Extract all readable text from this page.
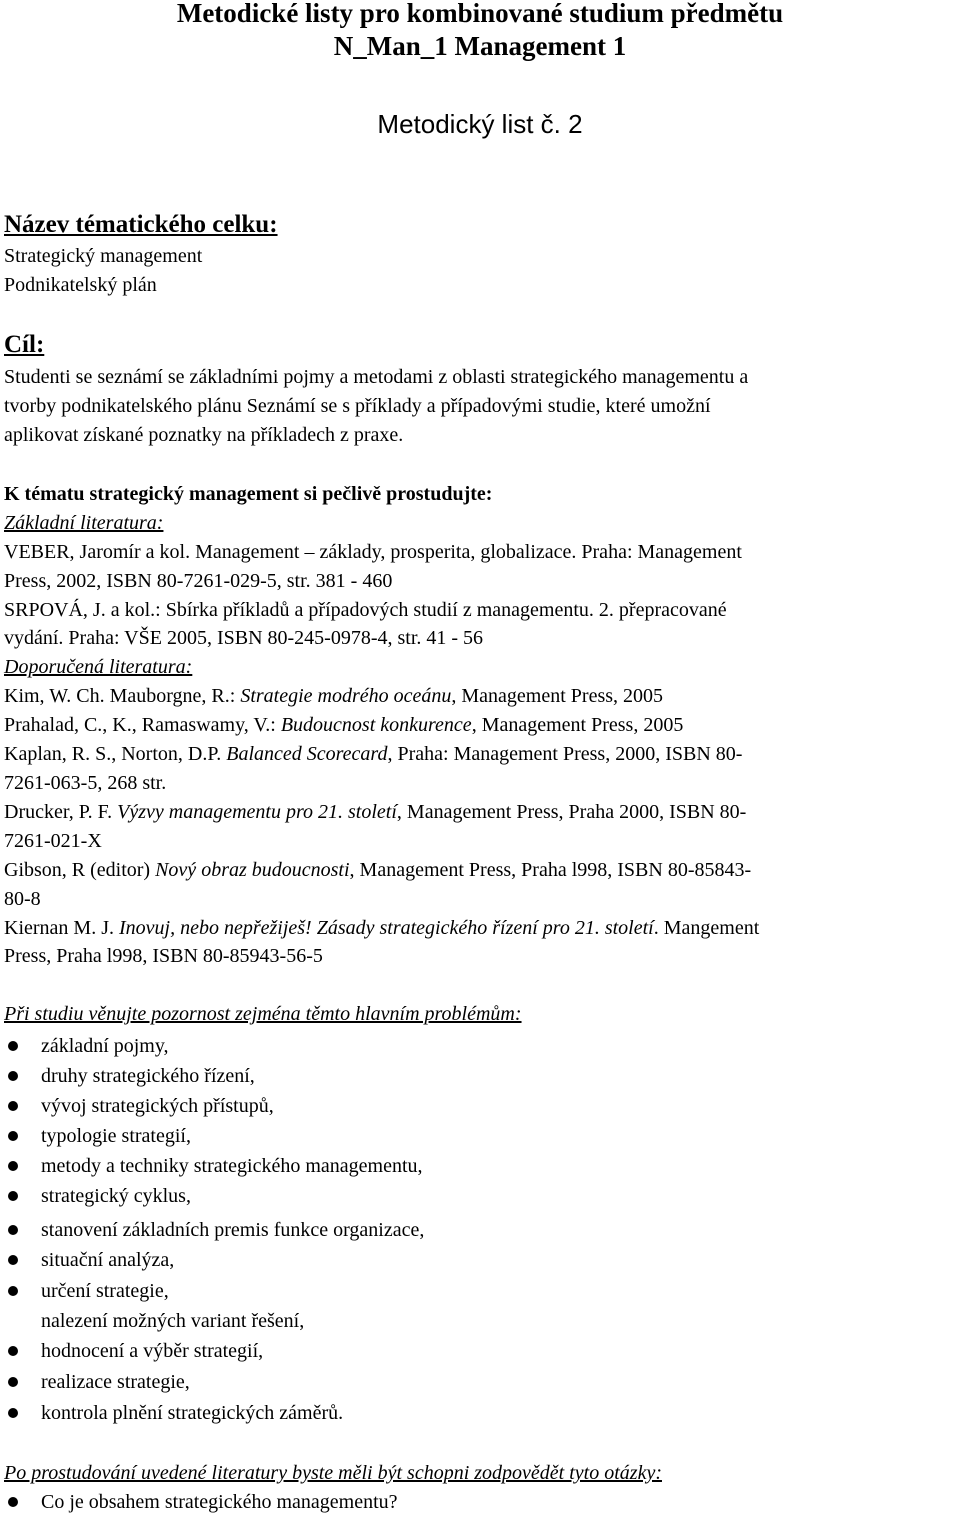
Metodické listy pro kombinované studium předmětu
N_Man_1 Management 1
Metodický list č. 2
Název tématického celku:
Strategický management
Podnikatelský plán
Cíl:
Studenti se seznámí se základními pojmy a metodami z oblasti strategického managementu a
tvorby podnikatelského plánu Seznámí se s příklady a případovými studie, které umožní
aplikovat získané poznatky na příkladech z praxe.
K tématu strategický management si pečlivě prostudujte:
Základní literatura:
VEBER, Jaromír a kol. Management – základy, prosperita, globalizace. Praha: Management
Press, 2002, ISBN 80-7261-029-5, str. 381 - 460
SRPOVÁ, J. a kol.: Sbírka příkladů a případových studií z managementu. 2. přepracované
vydání. Praha: VŠE 2005, ISBN 80-245-0978-4, str. 41 - 56
Doporučená literatura:
Kim, W. Ch. Mauborgne, R.: Strategie modrého oceánu, Management Press, 2005
Prahalad, C., K., Ramaswamy, V.: Budoucnost konkurence, Management Press, 2005
Kaplan, R. S., Norton, D.P. Balanced Scorecard, Praha: Management Press, 2000, ISBN 80-
7261-063-5, 268 str.
Drucker, P. F. Výzvy managementu pro 21. století, Management Press, Praha 2000, ISBN 80-
7261-021-X
Gibson, R (editor) Nový obraz budoucnosti, Management Press, Praha l998, ISBN 80-85843-
80-8
Kiernan M. J. Inovuj, nebo nepřežiješ! Zásady strategického řízení pro 21. století. Mangement
Press, Praha l998, ISBN 80-85943-56-5
Při studiu věnujte pozornost zejména těmto hlavním problémům:
základní pojmy,
druhy strategického řízení,
vývoj strategických přístupů,
typologie strategií,
metody a techniky strategického managementu,
strategický cyklus,
stanovení základních premis funkce organizace,
situační analýza,
určení strategie,
nalezení možných variant řešení,
hodnocení a výběr strategií,
realizace strategie,
kontrola plnění strategických záměrů.
Po prostudování uvedené literatury byste měli být schopni zodpovědět tyto otázky:
Co je obsahem strategického managementu?
